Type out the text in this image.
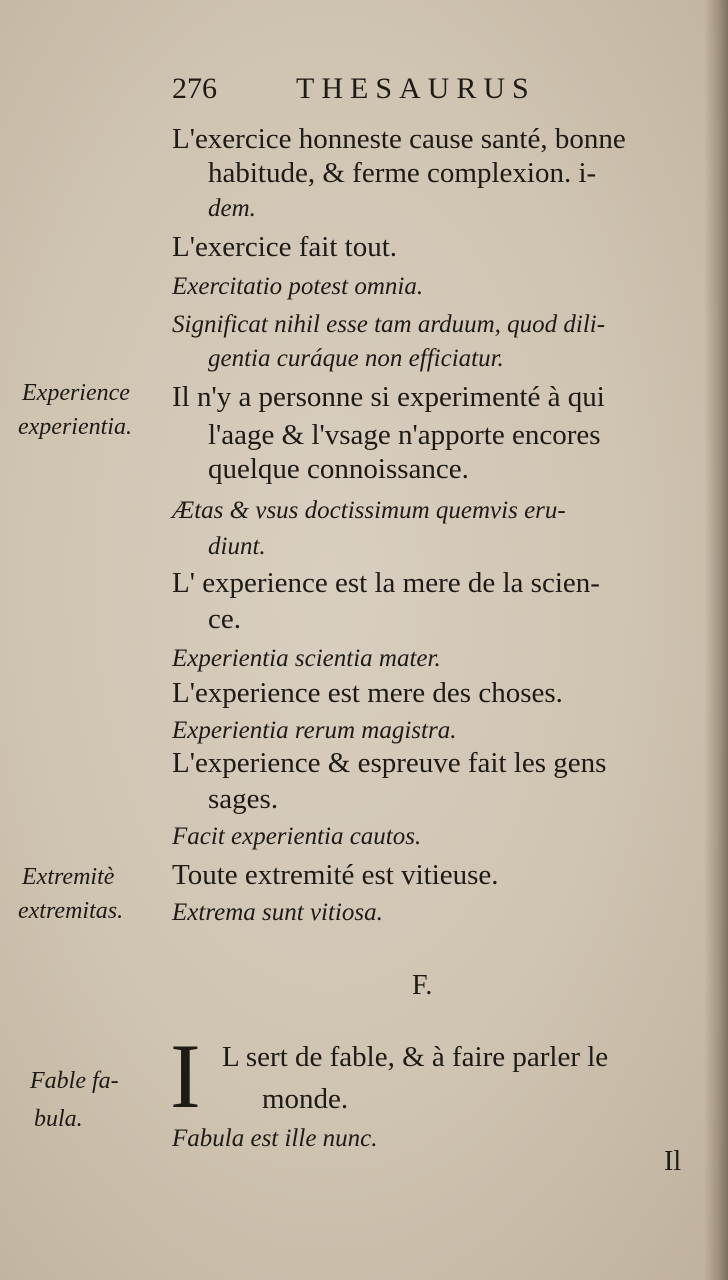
276	THESAURUS
Experience
experientia.
Extremitè
extremitas.
Fable fa-
bula.
L'exercice honneste cause santé, bonne
habitude, & ferme complexion. i-
dem.
L'exercice fait tout.
Exercitatio potest omnia.
Significat nihil esse tam arduum, quod dili-
gentia curáque non efficiatur.
Il n'y a personne si experimenté à qui
l'aage & l'vsage n'apporte encores
quelque connoissance.
Ætas & vsus doctissimum quemvis eru-
diunt.
L' experience est la mere de la scien-
ce.
Experientia scientia mater.
L'experience est mere des choses.
Experientia rerum magistra.
L'experience & espreuve fait les gens
sages.
Facit experientia cautos.
Toute extremité est vitieuse.
Extrema sunt vitiosa.
F.
I L sert de fable, & à faire parler le
monde.
Fabula est ille nunc.
Il
